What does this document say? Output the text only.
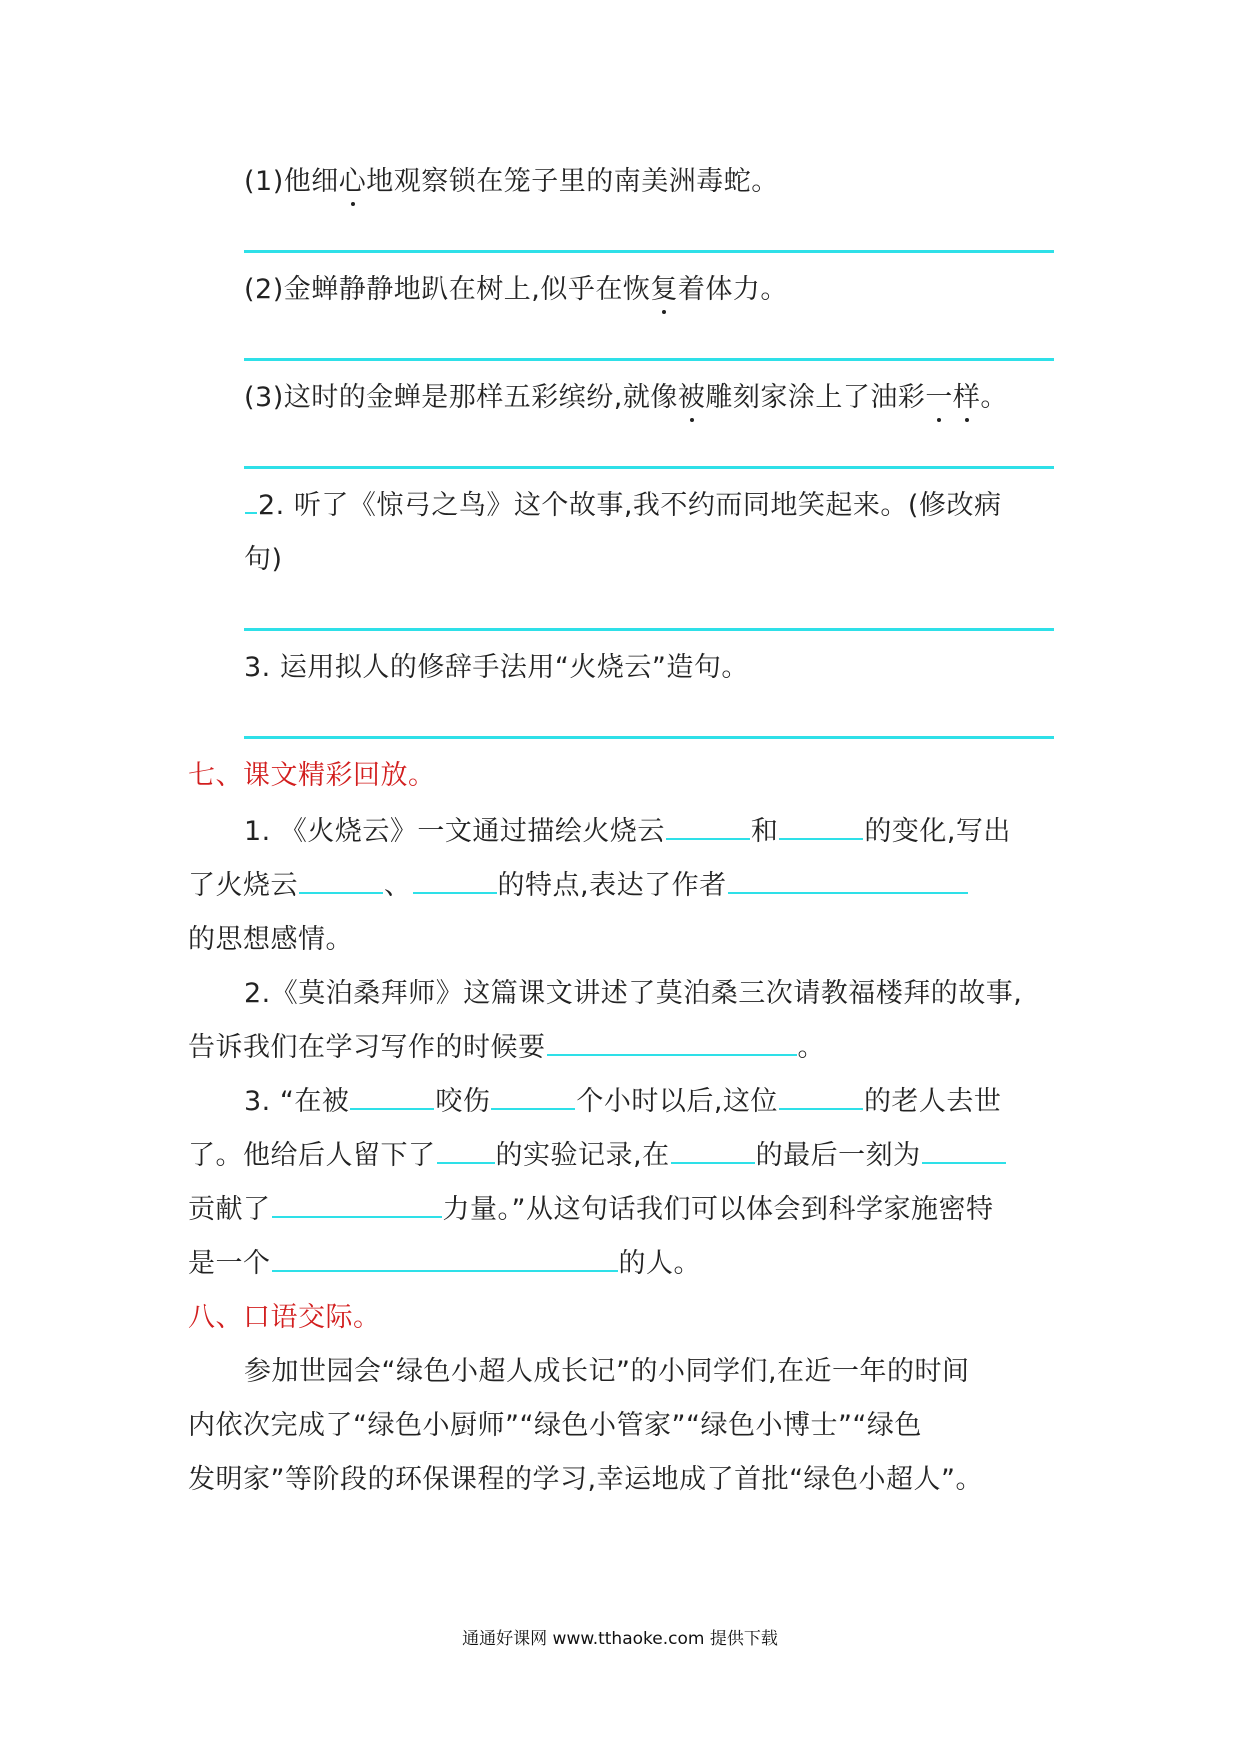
(1)他细心地观察锁在笼子里的南美洲毒蛇。
(2)金蝉静静地趴在树上,似乎在恢复着体力。
(3)这时的金蝉是那样五彩缤纷,就像被雕刻家涂上了油彩一样。
2. 听了《惊弓之鸟》这个故事,我不约而同地笑起来。(修改病
句)
3. 运用拟人的修辞手法用“火烧云”造句。
七、课文精彩回放。
1. 《火烧云》一文通过描绘火烧云	和	的变化,写出
了火烧云	、	的特点,表达了作者
的思想感情。
2.《莫泊桑拜师》这篇课文讲述了莫泊桑三次请教福楼拜的故事,
告诉我们在学习写作的时候要	。
3. “在被	咬伤	个小时以后,这位	的老人去世
了。他给后人留下了 的实验记录,在	的最后一刻为
贡献了	力量。”从这句话我们可以体会到科学家施密特
是一个	的人。
八、口语交际。
参加世园会“绿色小超人成长记”的小同学们,在近一年的时间
内依次完成了“绿色小厨师”“绿色小管家”“绿色小博士”“绿色
发明家”等阶段的环保课程的学习,幸运地成了首批“绿色小超人”。
通通好课网 www.tthaoke.com 提供下载
